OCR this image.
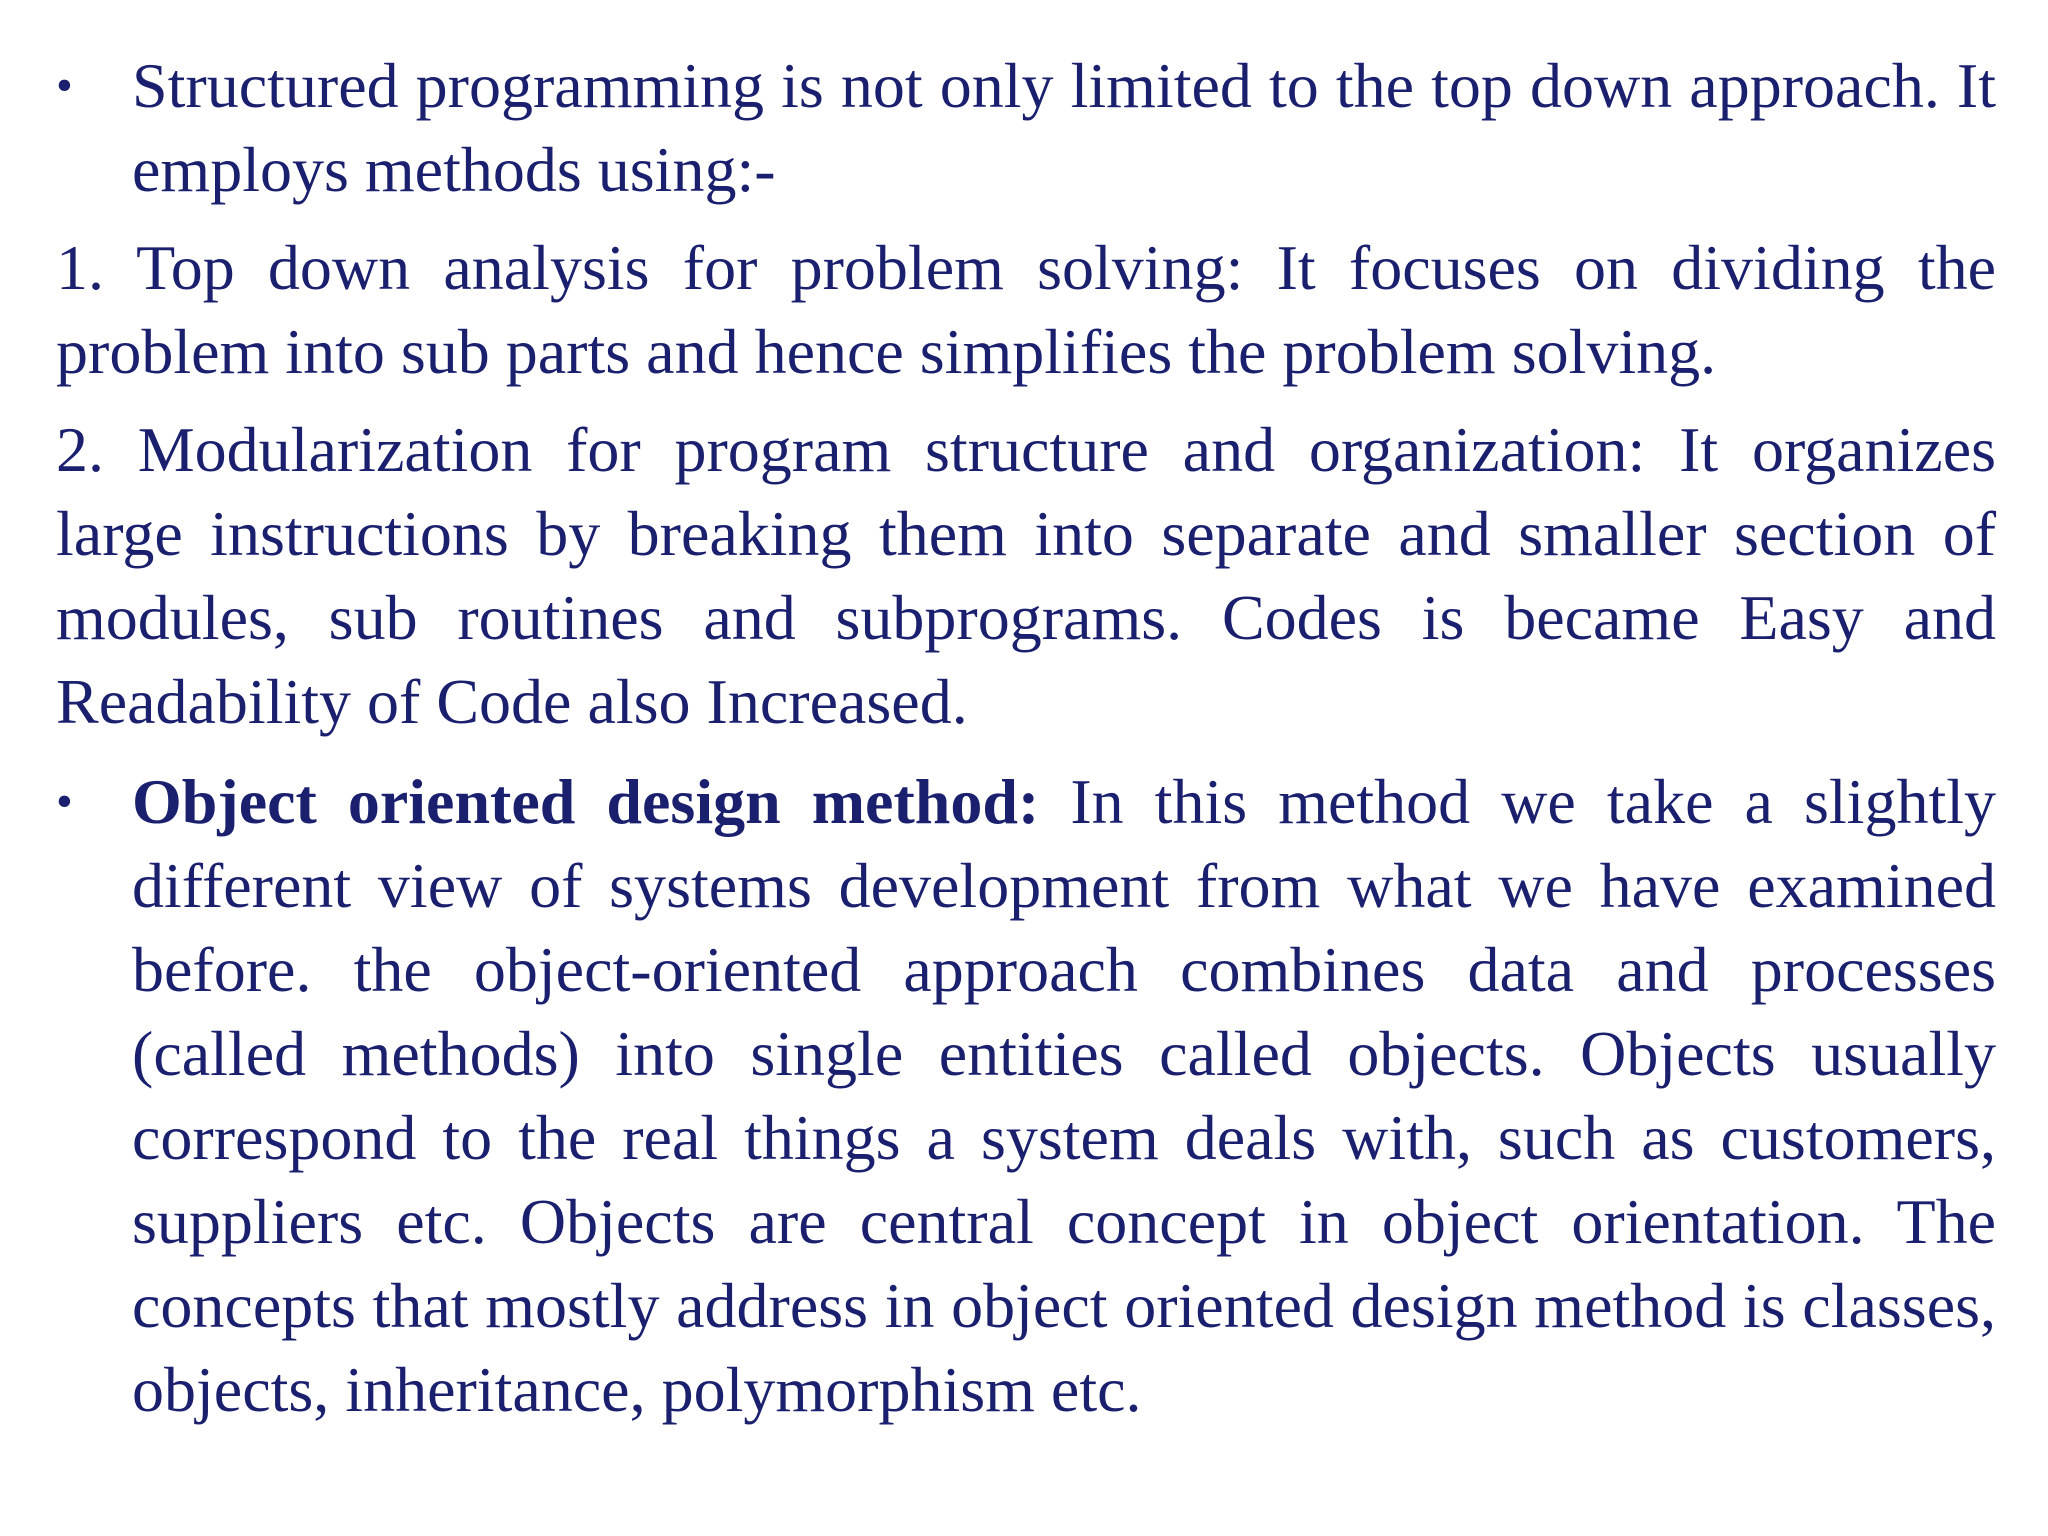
• Structured programming is not only limited to the top down approach. It employs methods using:-
1. Top down analysis for problem solving: It focuses on dividing the problem into sub parts and hence simplifies the problem solving.
2. Modularization for program structure and organization: It organizes large instructions by breaking them into separate and smaller section of modules, sub routines and subprograms. Codes is became Easy and Readability of Code also Increased.
• Object oriented design method: In this method we take a slightly different view of systems development from what we have examined before. the object-oriented approach combines data and processes (called methods) into single entities called objects. Objects usually correspond to the real things a system deals with, such as customers, suppliers etc. Objects are central concept in object orientation. The concepts that mostly address in object oriented design method is classes, objects, inheritance, polymorphism etc.
